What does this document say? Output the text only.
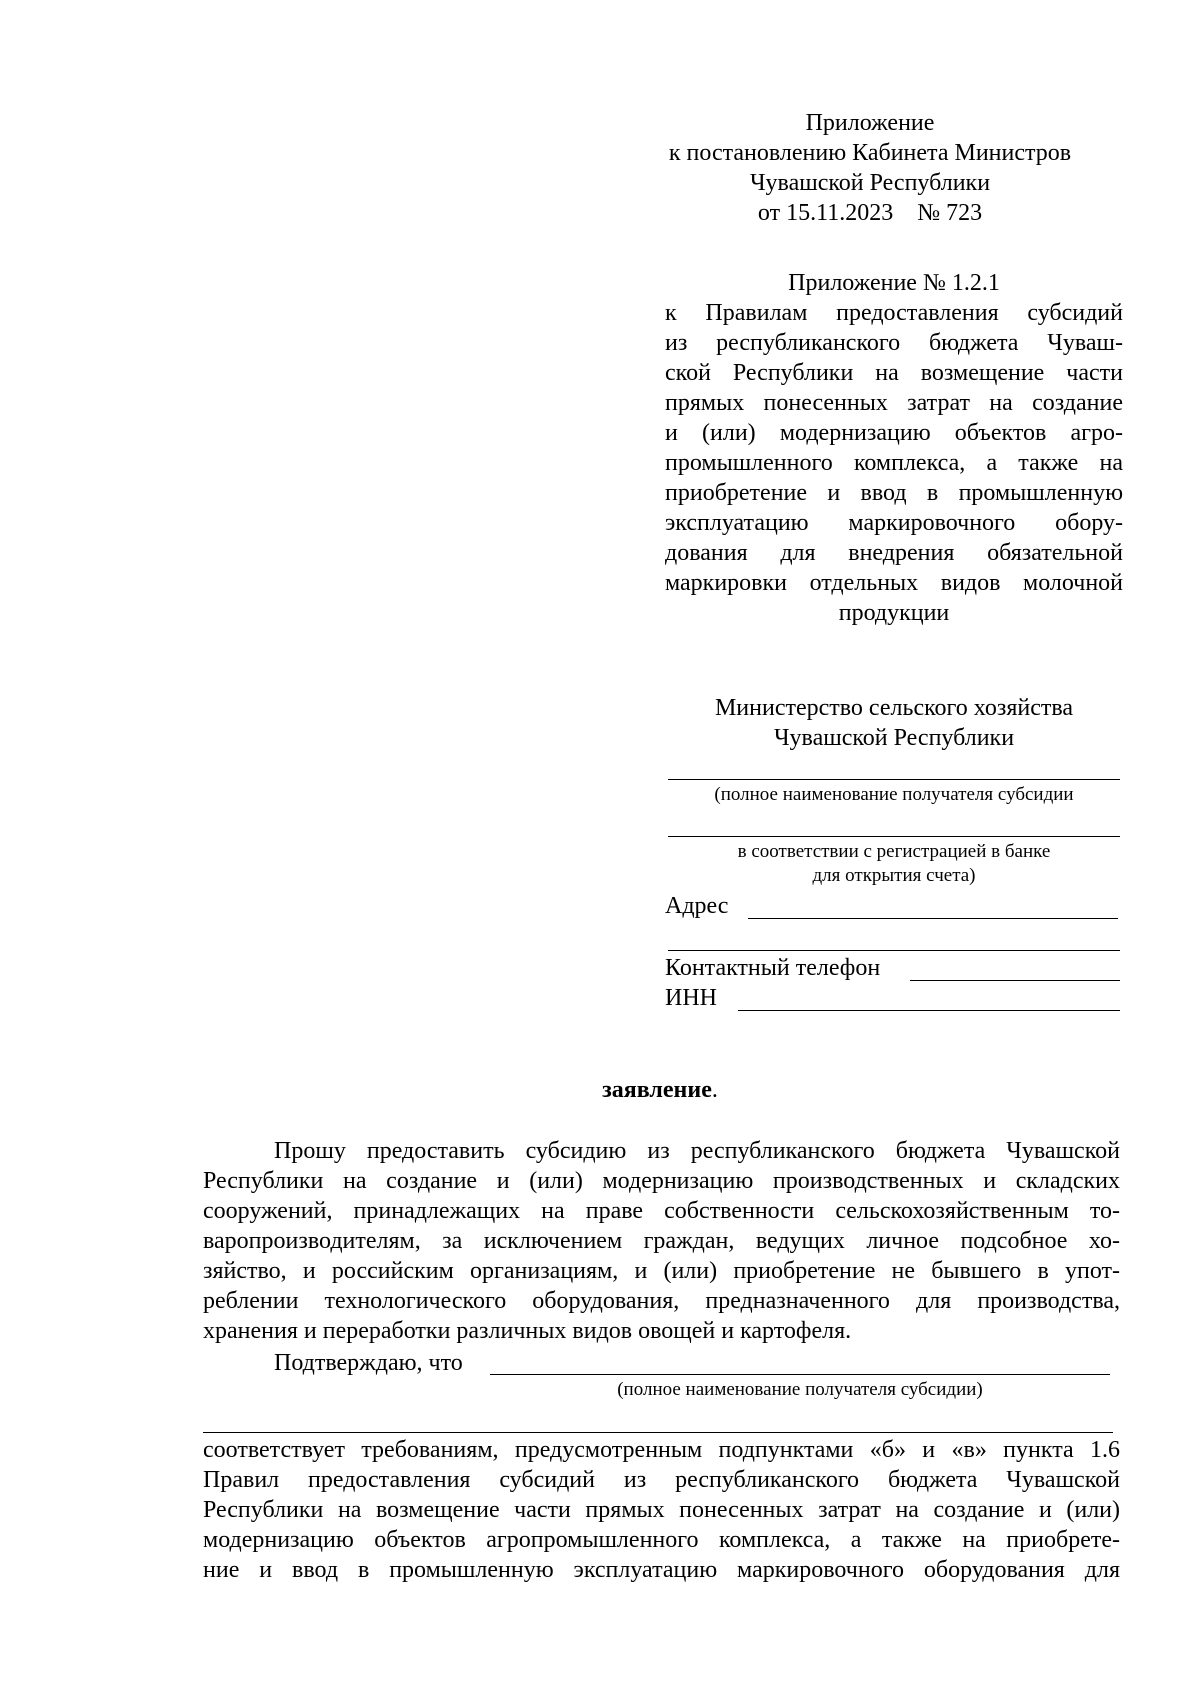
Приложение
к постановлению Кабинета Министров
Чувашской Республики
от 15.11.2023    № 723
Приложение № 1.2.1
к Правилам предоставления субсидий
из республиканского бюджета Чуваш-
ской Республики на возмещение части
прямых понесенных затрат на создание
и (или) модернизацию объектов агро-
промышленного комплекса, а также на
приобретение и ввод в промышленную
эксплуатацию маркировочного обору-
дования для внедрения обязательной
маркировки отдельных видов молочной
продукции
Министерство сельского хозяйства
Чувашской Республики
(полное наименование получателя субсидии
в соответствии с регистрацией в банке
для открытия счета)
Адрес
Контактный телефон
ИНН
заявление.
Прошу предоставить субсидию из республиканского бюджета Чувашской
Республики на создание и (или) модернизацию производственных и складских
сооружений, принадлежащих на праве собственности сельскохозяйственным то-
варопроизводителям, за исключением граждан, ведущих личное подсобное хо-
зяйство, и российским организациям, и (или) приобретение не бывшего в упот-
реблении технологического оборудования, предназначенного для производства,
хранения и переработки различных видов овощей и картофеля.
Подтверждаю, что
(полное наименование получателя субсидии)
соответствует требованиям, предусмотренным подпунктами «б» и «в» пункта 1.6
Правил предоставления субсидий из республиканского бюджета Чувашской
Республики на возмещение части прямых понесенных затрат на создание и (или)
модернизацию объектов агропромышленного комплекса, а также на приобрете-
ние и ввод в промышленную эксплуатацию маркировочного оборудования для
